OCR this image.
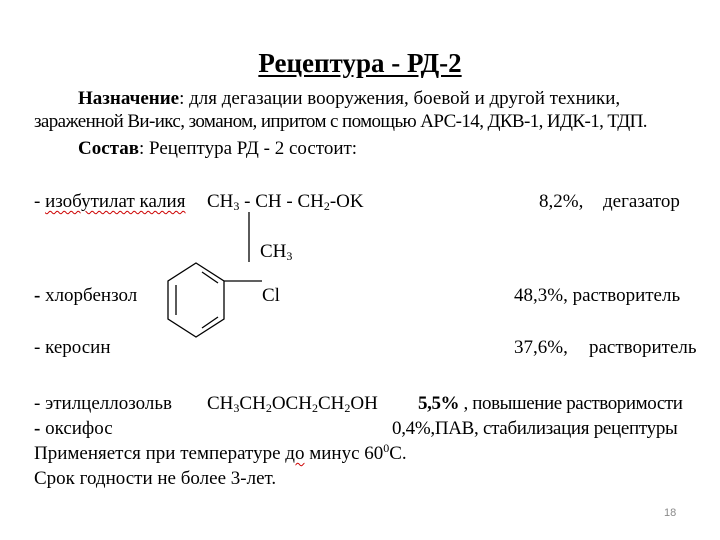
Рецептура - РД-2
Назначение: для дегазации вооружения, боевой и другой техники,
зараженной Ви-икс, зоманом, ипритом с помощью АРС-14, ДКВ-1, ИДК-1, ТДП.
Состав: Рецептура РД - 2 состоит:
- изобутилат калия $CH_3$ - CH - $CH_2-OK$	8,2%, дегазатор
$CH_3$
- хлорбензол	Cl	48,3%, растворитель
- керосин	37,6%, растворитель
- этилцеллозольв $CH_3CH_2OCH_2CH_2OH$ 5,5% , повышение растворимости
- оксифос	0,4%,ПАВ, стабилизация рецептуры
Применяется при температуре до минус $60^0С$.
Срок годности не более 3-лет.
18
